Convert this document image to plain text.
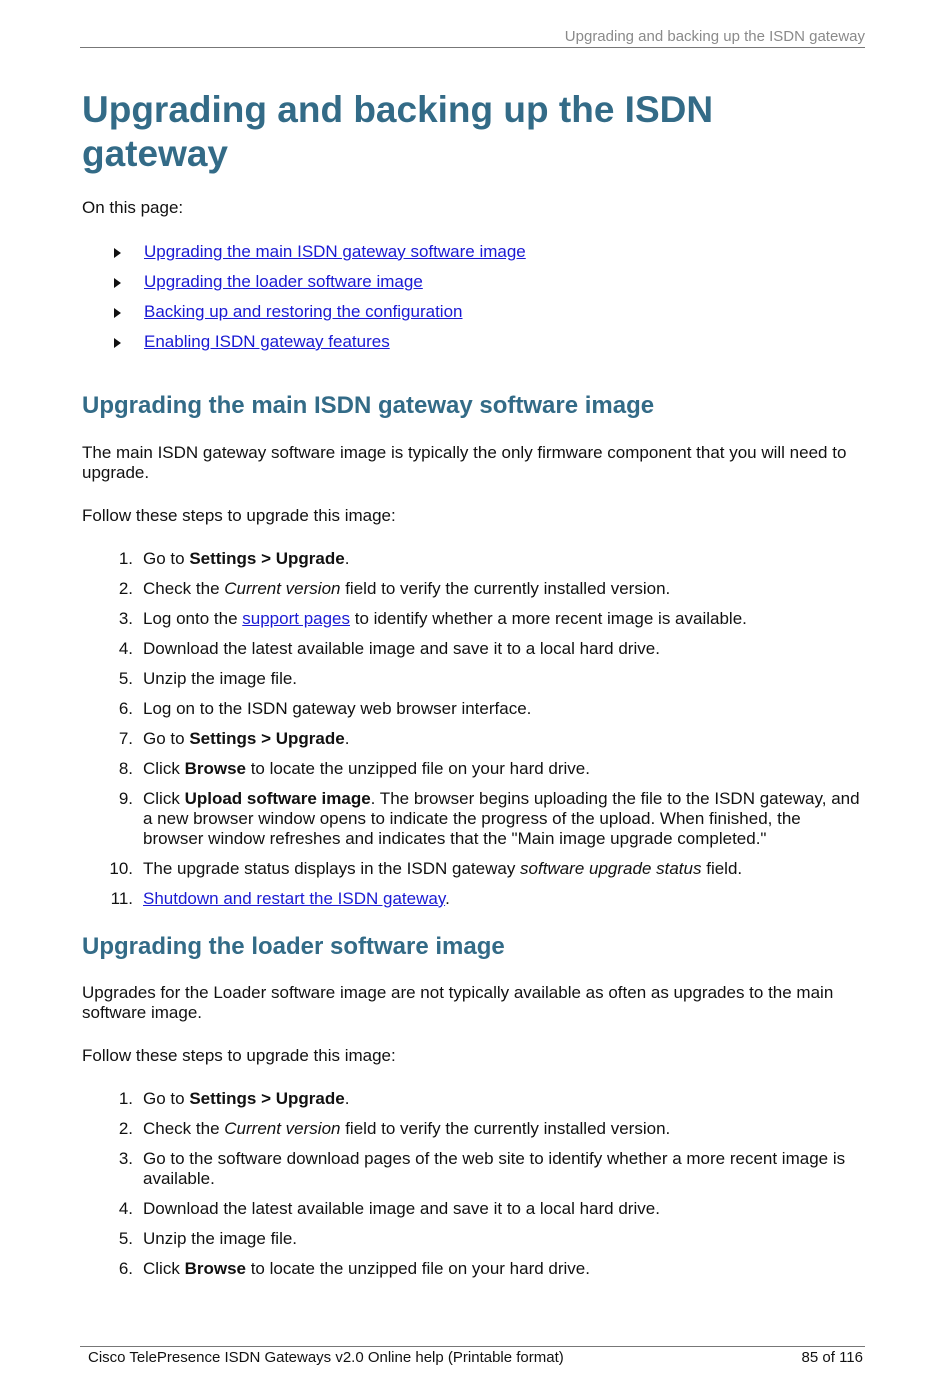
Upgrading and backing up the ISDN gateway
Upgrading and backing up the ISDN gateway

On this page:

Upgrading the main ISDN gateway software image
Upgrading the loader software image
Backing up and restoring the configuration
Enabling ISDN gateway features
Upgrading the main ISDN gateway software image

The main ISDN gateway software image is typically the only firmware component that you will need to upgrade.

Follow these steps to upgrade this image:

1. Go to Settings > Upgrade.
2. Check the Current version field to verify the currently installed version.
3. Log onto the support pages to identify whether a more recent image is available.
4. Download the latest available image and save it to a local hard drive.
5. Unzip the image file.
6. Log on to the ISDN gateway web browser interface.
7. Go to Settings > Upgrade.
8. Click Browse to locate the unzipped file on your hard drive.
9. Click Upload software image. The browser begins uploading the file to the ISDN gateway, and a new browser window opens to indicate the progress of the upload. When finished, the browser window refreshes and indicates that the "Main image upgrade completed."
10. The upgrade status displays in the ISDN gateway software upgrade status field.
11. Shutdown and restart the ISDN gateway.
Upgrading the loader software image

Upgrades for the Loader software image are not typically available as often as upgrades to the main software image.

Follow these steps to upgrade this image:

1. Go to Settings > Upgrade.
2. Check the Current version field to verify the currently installed version.
3. Go to the software download pages of the web site to identify whether a more recent image is available.
4. Download the latest available image and save it to a local hard drive.
5. Unzip the image file.
6. Click Browse to locate the unzipped file on your hard drive.
Cisco TelePresence ISDN Gateways v2.0 Online help (Printable format)	85 of 116
